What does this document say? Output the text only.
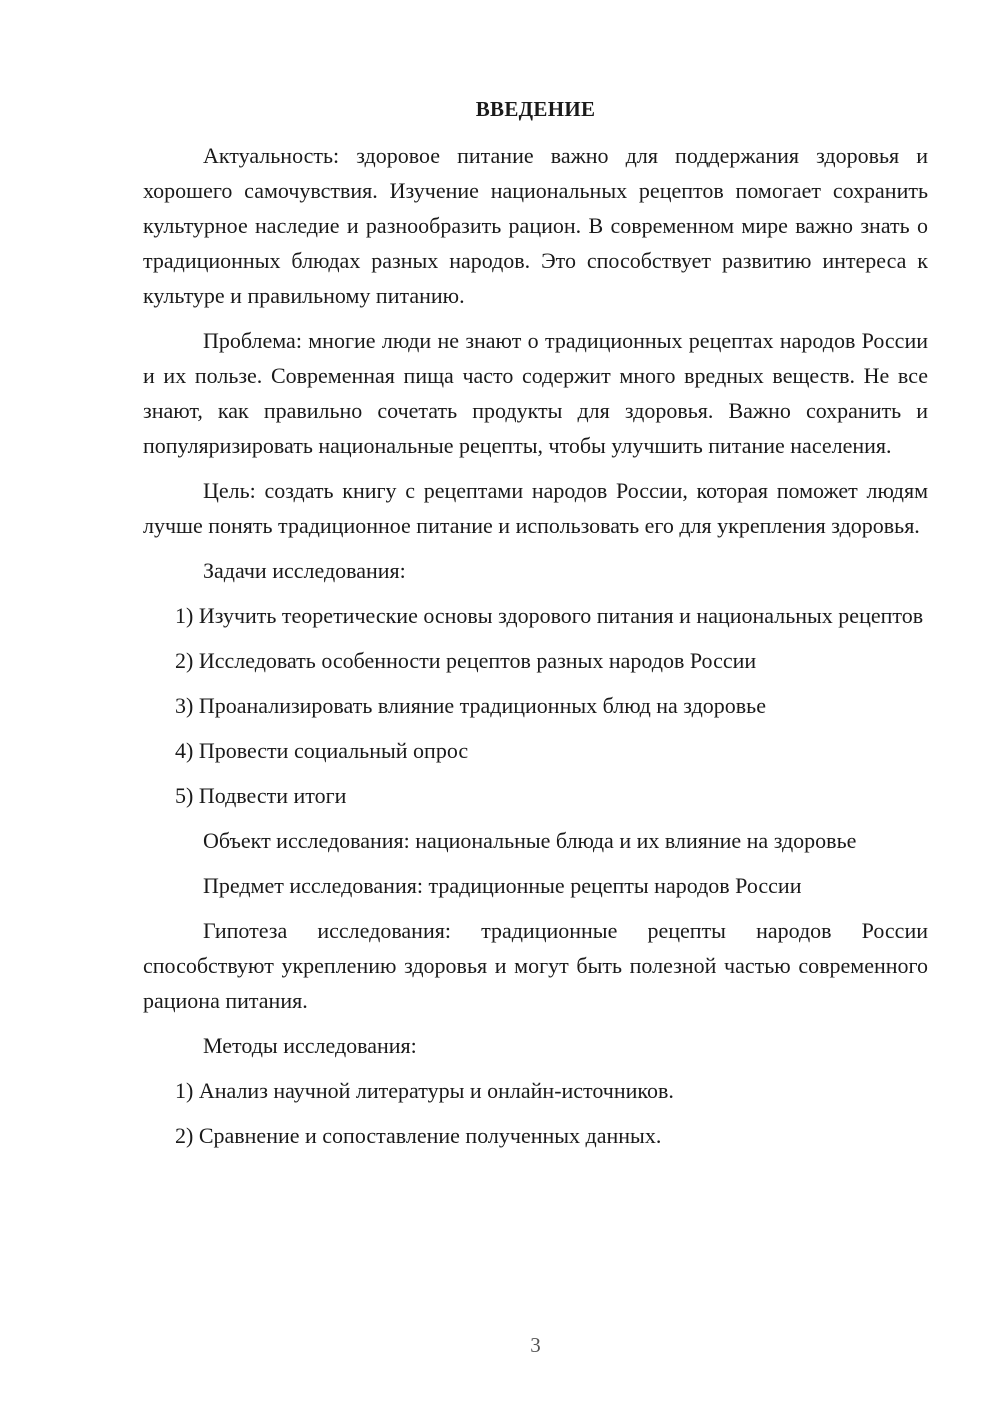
ВВЕДЕНИЕ

Актуальность: здоровое питание важно для поддержания здоровья и хорошего самочувствия. Изучение национальных рецептов помогает сохранить культурное наследие и разнообразить рацион. В современном мире важно знать о традиционных блюдах разных народов. Это способствует развитию интереса к культуре и правильному питанию.

Проблема: многие люди не знают о традиционных рецептах народов России и их пользе. Современная пища часто содержит много вредных веществ. Не все знают, как правильно сочетать продукты для здоровья. Важно сохранить и популяризировать национальные рецепты, чтобы улучшить питание населения.

Цель: создать книгу с рецептами народов России, которая поможет людям лучше понять традиционное питание и использовать его для укрепления здоровья.

Задачи исследования:

1) Изучить теоретические основы здорового питания и национальных рецептов

2) Исследовать особенности рецептов разных народов России

3) Проанализировать влияние традиционных блюд на здоровье

4) Провести социальный опрос

5) Подвести итоги

Объект исследования: национальные блюда и их влияние на здоровье

Предмет исследования: традиционные рецепты народов России

Гипотеза исследования: традиционные рецепты народов России способствуют укреплению здоровья и могут быть полезной частью современного рациона питания.

Методы исследования:

1) Анализ научной литературы и онлайн-источников.

2) Сравнение и сопоставление полученных данных.

3
